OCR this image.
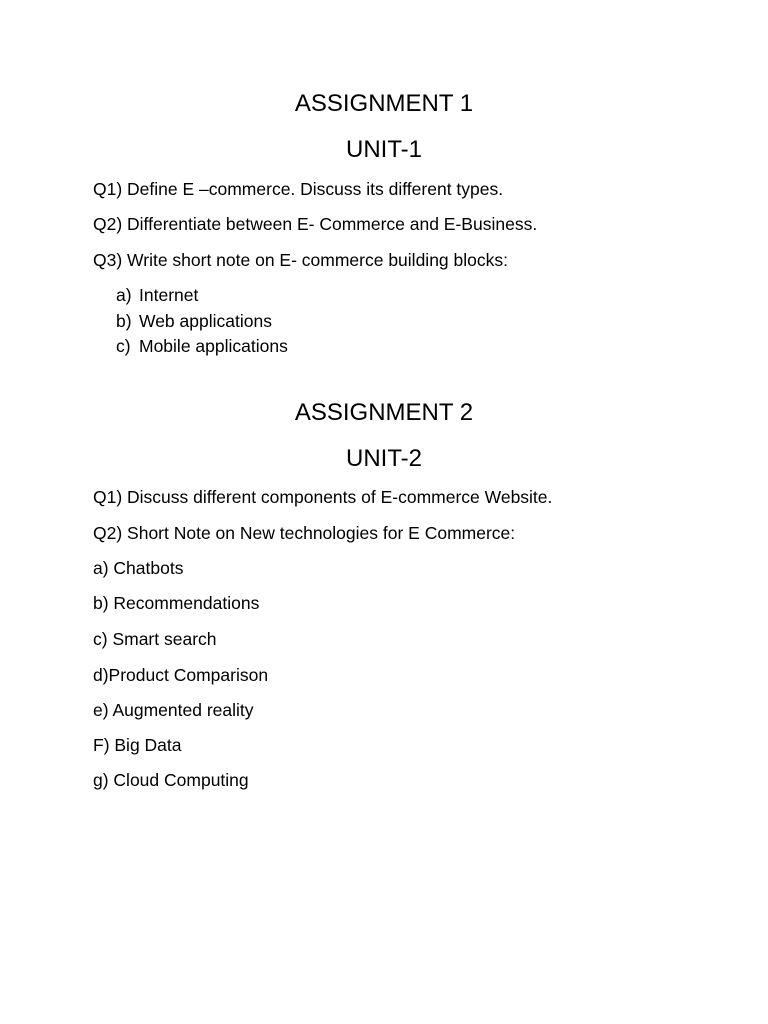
ASSIGNMENT 1
UNIT-1
Q1) Define E –commerce. Discuss its different types.
Q2) Differentiate between E- Commerce and E-Business.
Q3) Write short note on E- commerce building blocks:
a) Internet
b) Web applications
c) Mobile applications
ASSIGNMENT 2
UNIT-2
Q1) Discuss different components of E-commerce Website.
Q2) Short Note on New technologies for E Commerce:
a) Chatbots
b) Recommendations
c) Smart search
d)Product Comparison
e) Augmented reality
F) Big Data
g) Cloud Computing
